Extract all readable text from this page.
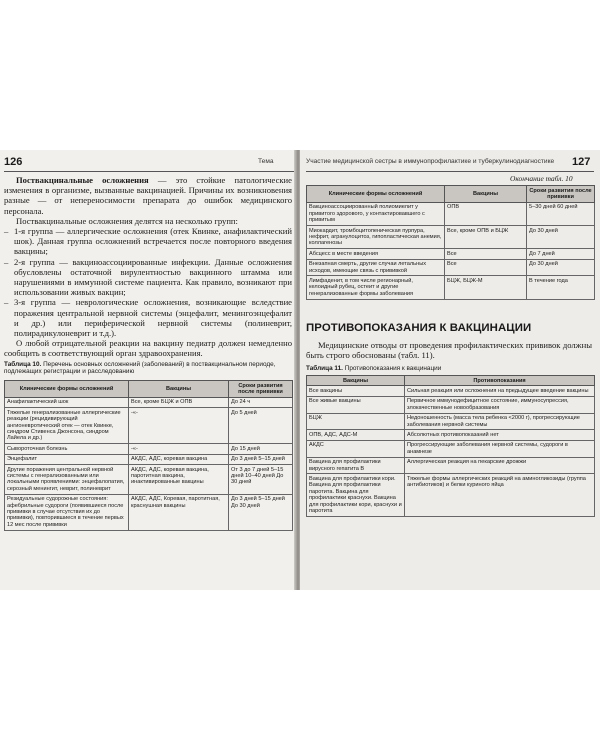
126	Тема

Поствакцинальные осложнения — это стойкие патологические изменения в организме, вызванные вакцинацией. Причины их возникновения разные — от непереносимости препарата до ошибок медицинского персонала.

Поствакцинальные осложнения делятся на несколько групп:

– 1-я группа — аллергические осложнения (отек Квинке, анафилактический шок). Данная группа осложнений встречается после повторного введения вакцины;
– 2-я группа — вакциноассоциированные инфекции. Данные осложнения обусловлены остаточной вирулентностью вакцинного штамма или нарушениями в иммунной системе пациента. Как правило, возникают при использовании живых вакцин;
– 3-я группа — неврологические осложнения, возникающие вследствие поражения центральной нервной системы (энцефалит, менингоэнцефалит и др.) или периферической нервной системы (полиневрит, полирадикулоневрит и т.д.).

О любой отрицательной реакции на вакцину педиатр должен немедленно сообщить в соответствующий орган здравоохранения.

Таблица 10. Перечень основных осложнений (заболеваний) в поствакцинальном периоде, подлежащих регистрации и расследованию
Клинические формы осложнений	Вакцины	Сроки развития после прививки
Анафилактический шок	Все, кроме БЦЖ и ОПВ	До 24 ч
Тяжелые генерализованные аллергические реакции (рецидивирующий ангионевротический отек — отек Квинке, синдром Стивенса Джонсона, синдром Лайела и др.)	-«-	До 5 дней
Сывороточная болезнь	-«-	До 15 дней
Энцефалит	АКДС, АДС, коревая вакцина	До 3 дней 5–15 дней
Другие поражения центральной нервной системы с генерализованными или локальными проявлениями: энцефалопатия, серозный менингит, неврит, полиневрит	АКДС, АДС, коревая вакцина, паротитная вакцина, инактивированные вакцины	От 3 до 7 дней 5–15 дней 10–40 дней До 30 дней
Резидуальные судорожные состояния: афебрильные судороги (появившиеся после прививки в случае отсутствия их до прививки), повторившиеся в течение первых 12 мес после прививки	АКДС, АДС, Коревая, паротитная, краснушная вакцины	До 3 дней 5–15 дней До 30 дней
Участие медицинской сестры в иммунопрофилактике и туберкулинодиагностике 127
Окончание табл. 10
Клинические формы осложнений	Вакцины	Сроки развития после прививки
Вакциноассоциированный полиомиелит у привитого здорового, у контактировавшего с привитым	ОПВ	5–30 дней 60 дней
Миокардит, тромбоцитопеническая пурпура, нефрит, агранулоцитоз, гипопластическая анемия, коллагенозы	Все, кроме ОПВ и БЦЖ	До 30 дней
Абсцесс в месте введения	Все	До 7 дней
Внезапная смерть, другие случаи летальных исходов, имеющие связь с прививкой	Все	До 30 дней
Лимфаденит, в том числе регионарный, келоидный рубец, остеит и другие генерализованные формы заболевания	БЦЖ, БЦЖ-М	В течение года
ПРОТИВОПОКАЗАНИЯ К ВАКЦИНАЦИИ

Медицинские отводы от проведения профилактических прививок должны быть строго обоснованы (табл. 11).

Таблица 11. Противопоказания к вакцинации
Вакцины	Противопоказания
Все вакцины	Сильная реакция или осложнения на предыдущее введение вакцины
Все живые вакцины	Первичное иммунодефицитное состояние, иммуносупрессия, злокачественные новообразования
БЦЖ	Недоношенность (масса тела ребенка <2000 г), прогрессирующие заболевания нервной системы
ОПВ, АДС, АДС-М	Абсолютных противопоказаний нет
АКДС	Прогрессирующие заболевания нервной системы, судороги в анамнезе
Вакцина для профилактики вирусного гепатита B	Аллергическая реакция на пекарские дрожжи
Вакцина для профилактики кори. Вакцина для профилактики паротита. Вакцина для профилактики краснухи. Вакцина для профилактики кори, краснухи и паротита	Тяжелые формы аллергических реакций на аминогликозиды (группа антибиотиков) и белки куриного яйца
